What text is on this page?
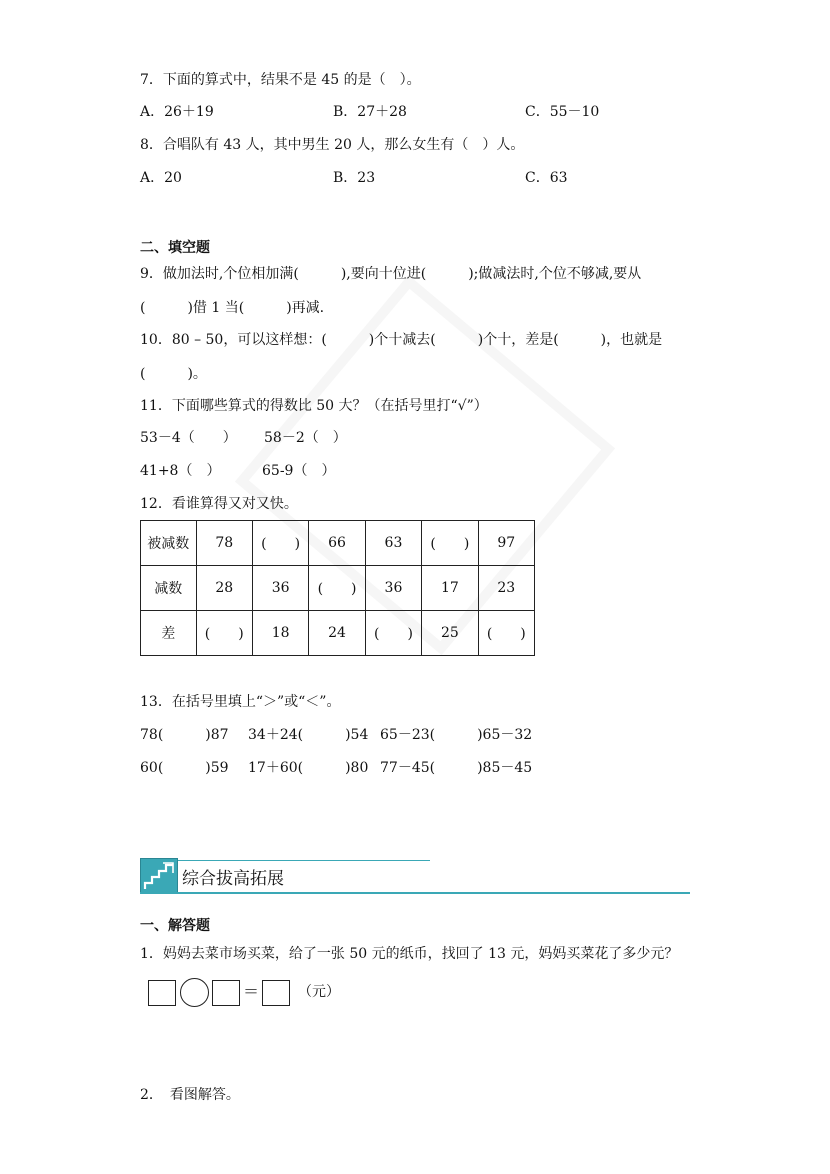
7．下面的算式中，结果不是 45 的是（　）。
A．26＋19	B．27＋28	C．55－10
8．合唱队有 43 人，其中男生 20 人，那么女生有（　）人。
A．20	B．23	C．63
二、填空题
9．做加法时,个位相加满(　　　),要向十位进(　　　);做减法时,个位不够减,要从
(　　　)借 1 当(　　　)再减.
10．80 – 50，可以这样想：(　　　)个十减去(　　　)个十，差是(　　　)，也就是
(　　　)。
11．下面哪些算式的得数比 50 大？（在括号里打“√”）
53－4（　　） 58－2（　）
41+8（　）	65-9（　）
12．看谁算得又对又快。
被减数	78	(　　)	66	63	(　　)	97
减数	28	36	(　　)	36	17	23
差	(　　)	18	24	(　　)	25	(　　)
13．在括号里填上“＞”或“＜”。
78(　　　)87 34＋24(　　　)54 65－23(　　　)65－32
60(　　　)59 17＋60(　　　)80 77－45(　　　)85－45
综合拔高拓展
一、解答题
1．妈妈去菜市场买菜，给了一张 50 元的纸币，找回了 13 元，妈妈买菜花了多少元？
＝	（元）
2．　看图解答。
